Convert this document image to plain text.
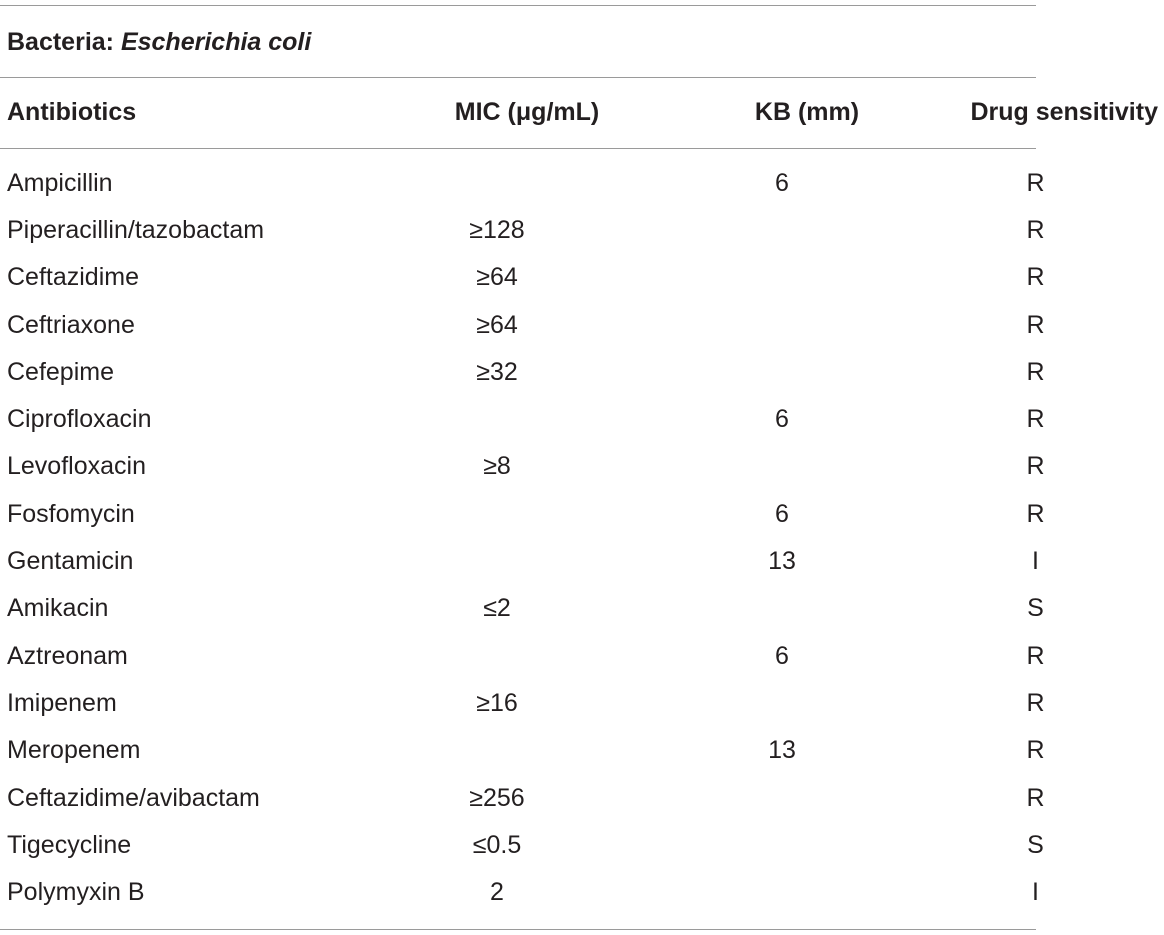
Bacteria: Escherichia coli
Antibiotics	MIC (μg/mL)	KB (mm)	Drug sensitivity

Ampicillin		6	R
Piperacillin/tazobactam	≥128		R
Ceftazidime	≥64		R
Ceftriaxone	≥64		R
Cefepime	≥32		R
Ciprofloxacin		6	R
Levofloxacin	≥8		R
Fosfomycin		6	R
Gentamicin		13	I
Amikacin	≤2		S
Aztreonam		6	R
Imipenem	≥16		R
Meropenem		13	R
Ceftazidime/avibactam	≥256		R
Tigecycline	≤0.5		S
Polymyxin B	2		I
